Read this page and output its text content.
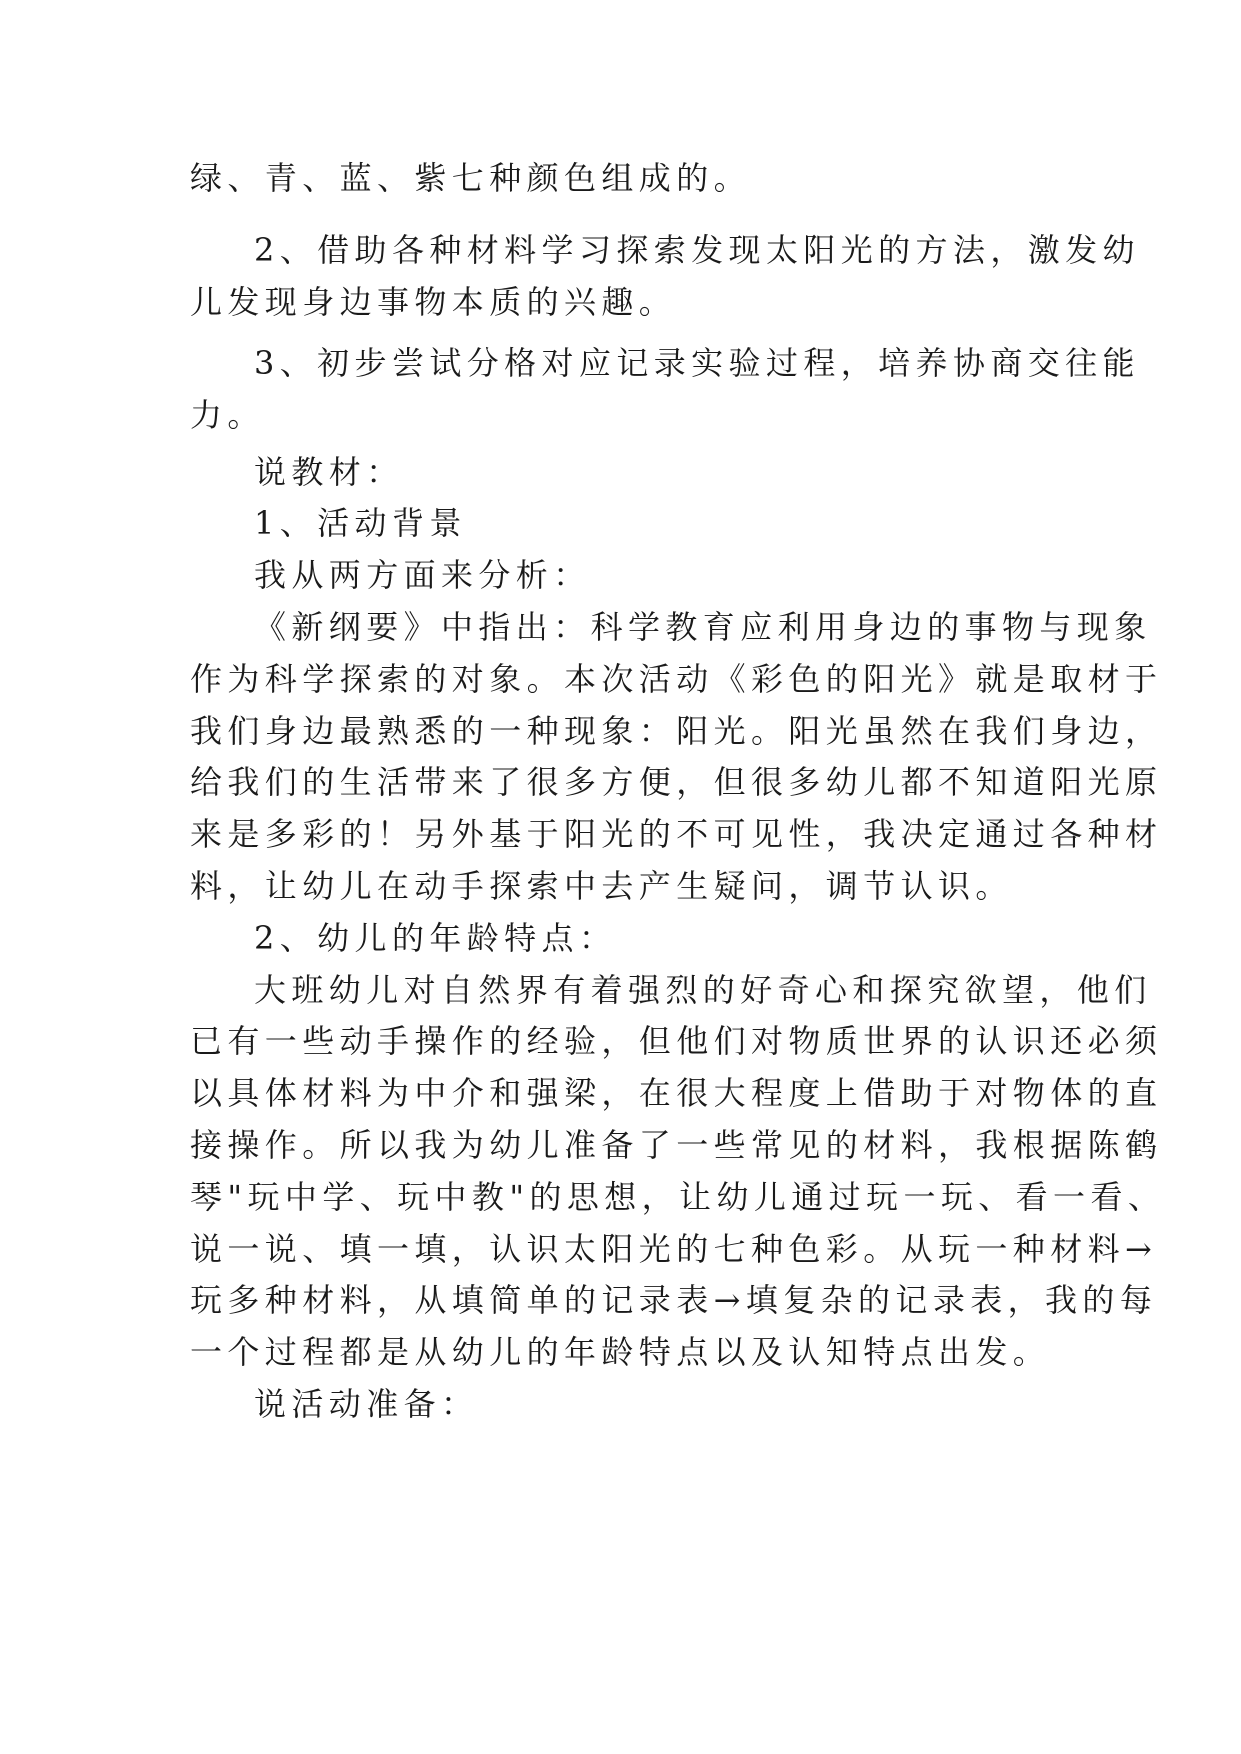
绿、青、蓝、紫七种颜色组成的。
2、借助各种材料学习探索发现太阳光的方法，激发幼
儿发现身边事物本质的兴趣。
3、初步尝试分格对应记录实验过程，培养协商交往能
力。
说教材：
1、活动背景
我从两方面来分析：
《新纲要》中指出：科学教育应利用身边的事物与现象
作为科学探索的对象。本次活动《彩色的阳光》就是取材于
我们身边最熟悉的一种现象：阳光。阳光虽然在我们身边，
给我们的生活带来了很多方便，但很多幼儿都不知道阳光原
来是多彩的！另外基于阳光的不可见性，我决定通过各种材
料，让幼儿在动手探索中去产生疑问，调节认识。
2、幼儿的年龄特点：
大班幼儿对自然界有着强烈的好奇心和探究欲望，他们
已有一些动手操作的经验，但他们对物质世界的认识还必须
以具体材料为中介和强梁，在很大程度上借助于对物体的直
接操作。所以我为幼儿准备了一些常见的材料，我根据陈鹤
琴"玩中学、玩中教"的思想，让幼儿通过玩一玩、看一看、
说一说、填一填，认识太阳光的七种色彩。从玩一种材料→
玩多种材料，从填简单的记录表→填复杂的记录表，我的每
一个过程都是从幼儿的年龄特点以及认知特点出发。
说活动准备：
